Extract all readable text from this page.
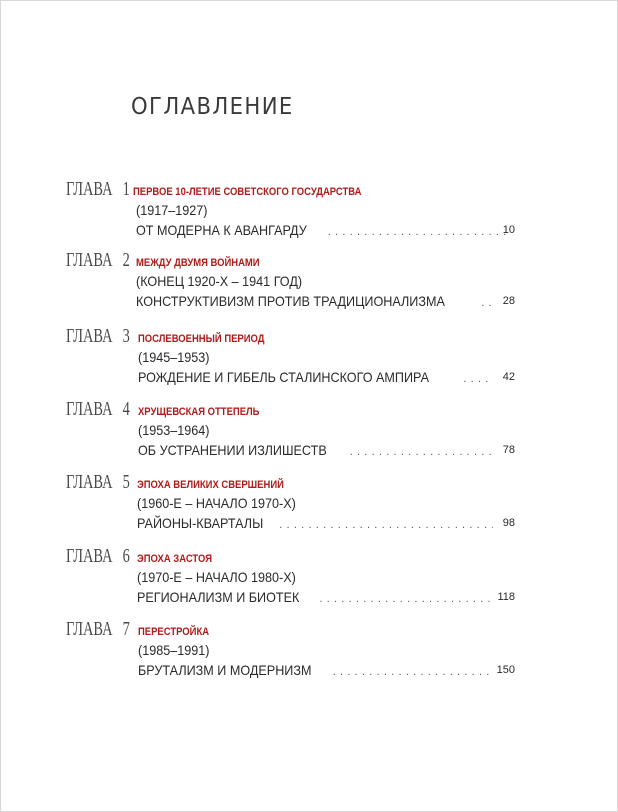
ОГЛАВЛЕНИЕ
ГЛАВА 1 ПЕРВОЕ 10-ЛЕТИЕ СОВЕТСКОГО ГОСУДАРСТВА
(1917–1927)
ОТ МОДЕРНА К АВАНГАРДУ . . .	10
ГЛАВА 2 МЕЖДУ ДВУМЯ ВОЙНАМИ
(КОНЕЦ 1920-Х – 1941 ГОД)
КОНСТРУКТИВИЗМ ПРОТИВ ТРАДИЦИОНАЛИЗМА . . .	28
ГЛАВА 3 ПОСЛЕВОЕННЫЙ ПЕРИОД
(1945–1953)
РОЖДЕНИЕ И ГИБЕЛЬ СТАЛИНСКОГО АМПИРА . . .	42
ГЛАВА 4 ХРУЩЕВСКАЯ ОТТЕПЕЛЬ
(1953–1964)
ОБ УСТРАНЕНИИ ИЗЛИШЕСТВ . . .	78
ГЛАВА 5 ЭПОХА ВЕЛИКИХ СВЕРШЕНИЙ
(1960-Е – НАЧАЛО 1970-Х)
РАЙОНЫ-КВАРТАЛЫ . . .	98
ГЛАВА 6 ЭПОХА ЗАСТОЯ
(1970-Е – НАЧАЛО 1980-Х)
РЕГИОНАЛИЗМ И БИОТЕК . . .	118
ГЛАВА 7 ПЕРЕСТРОЙКА
(1985–1991)
БРУТАЛИЗМ И МОДЕРНИЗМ . . .	150
